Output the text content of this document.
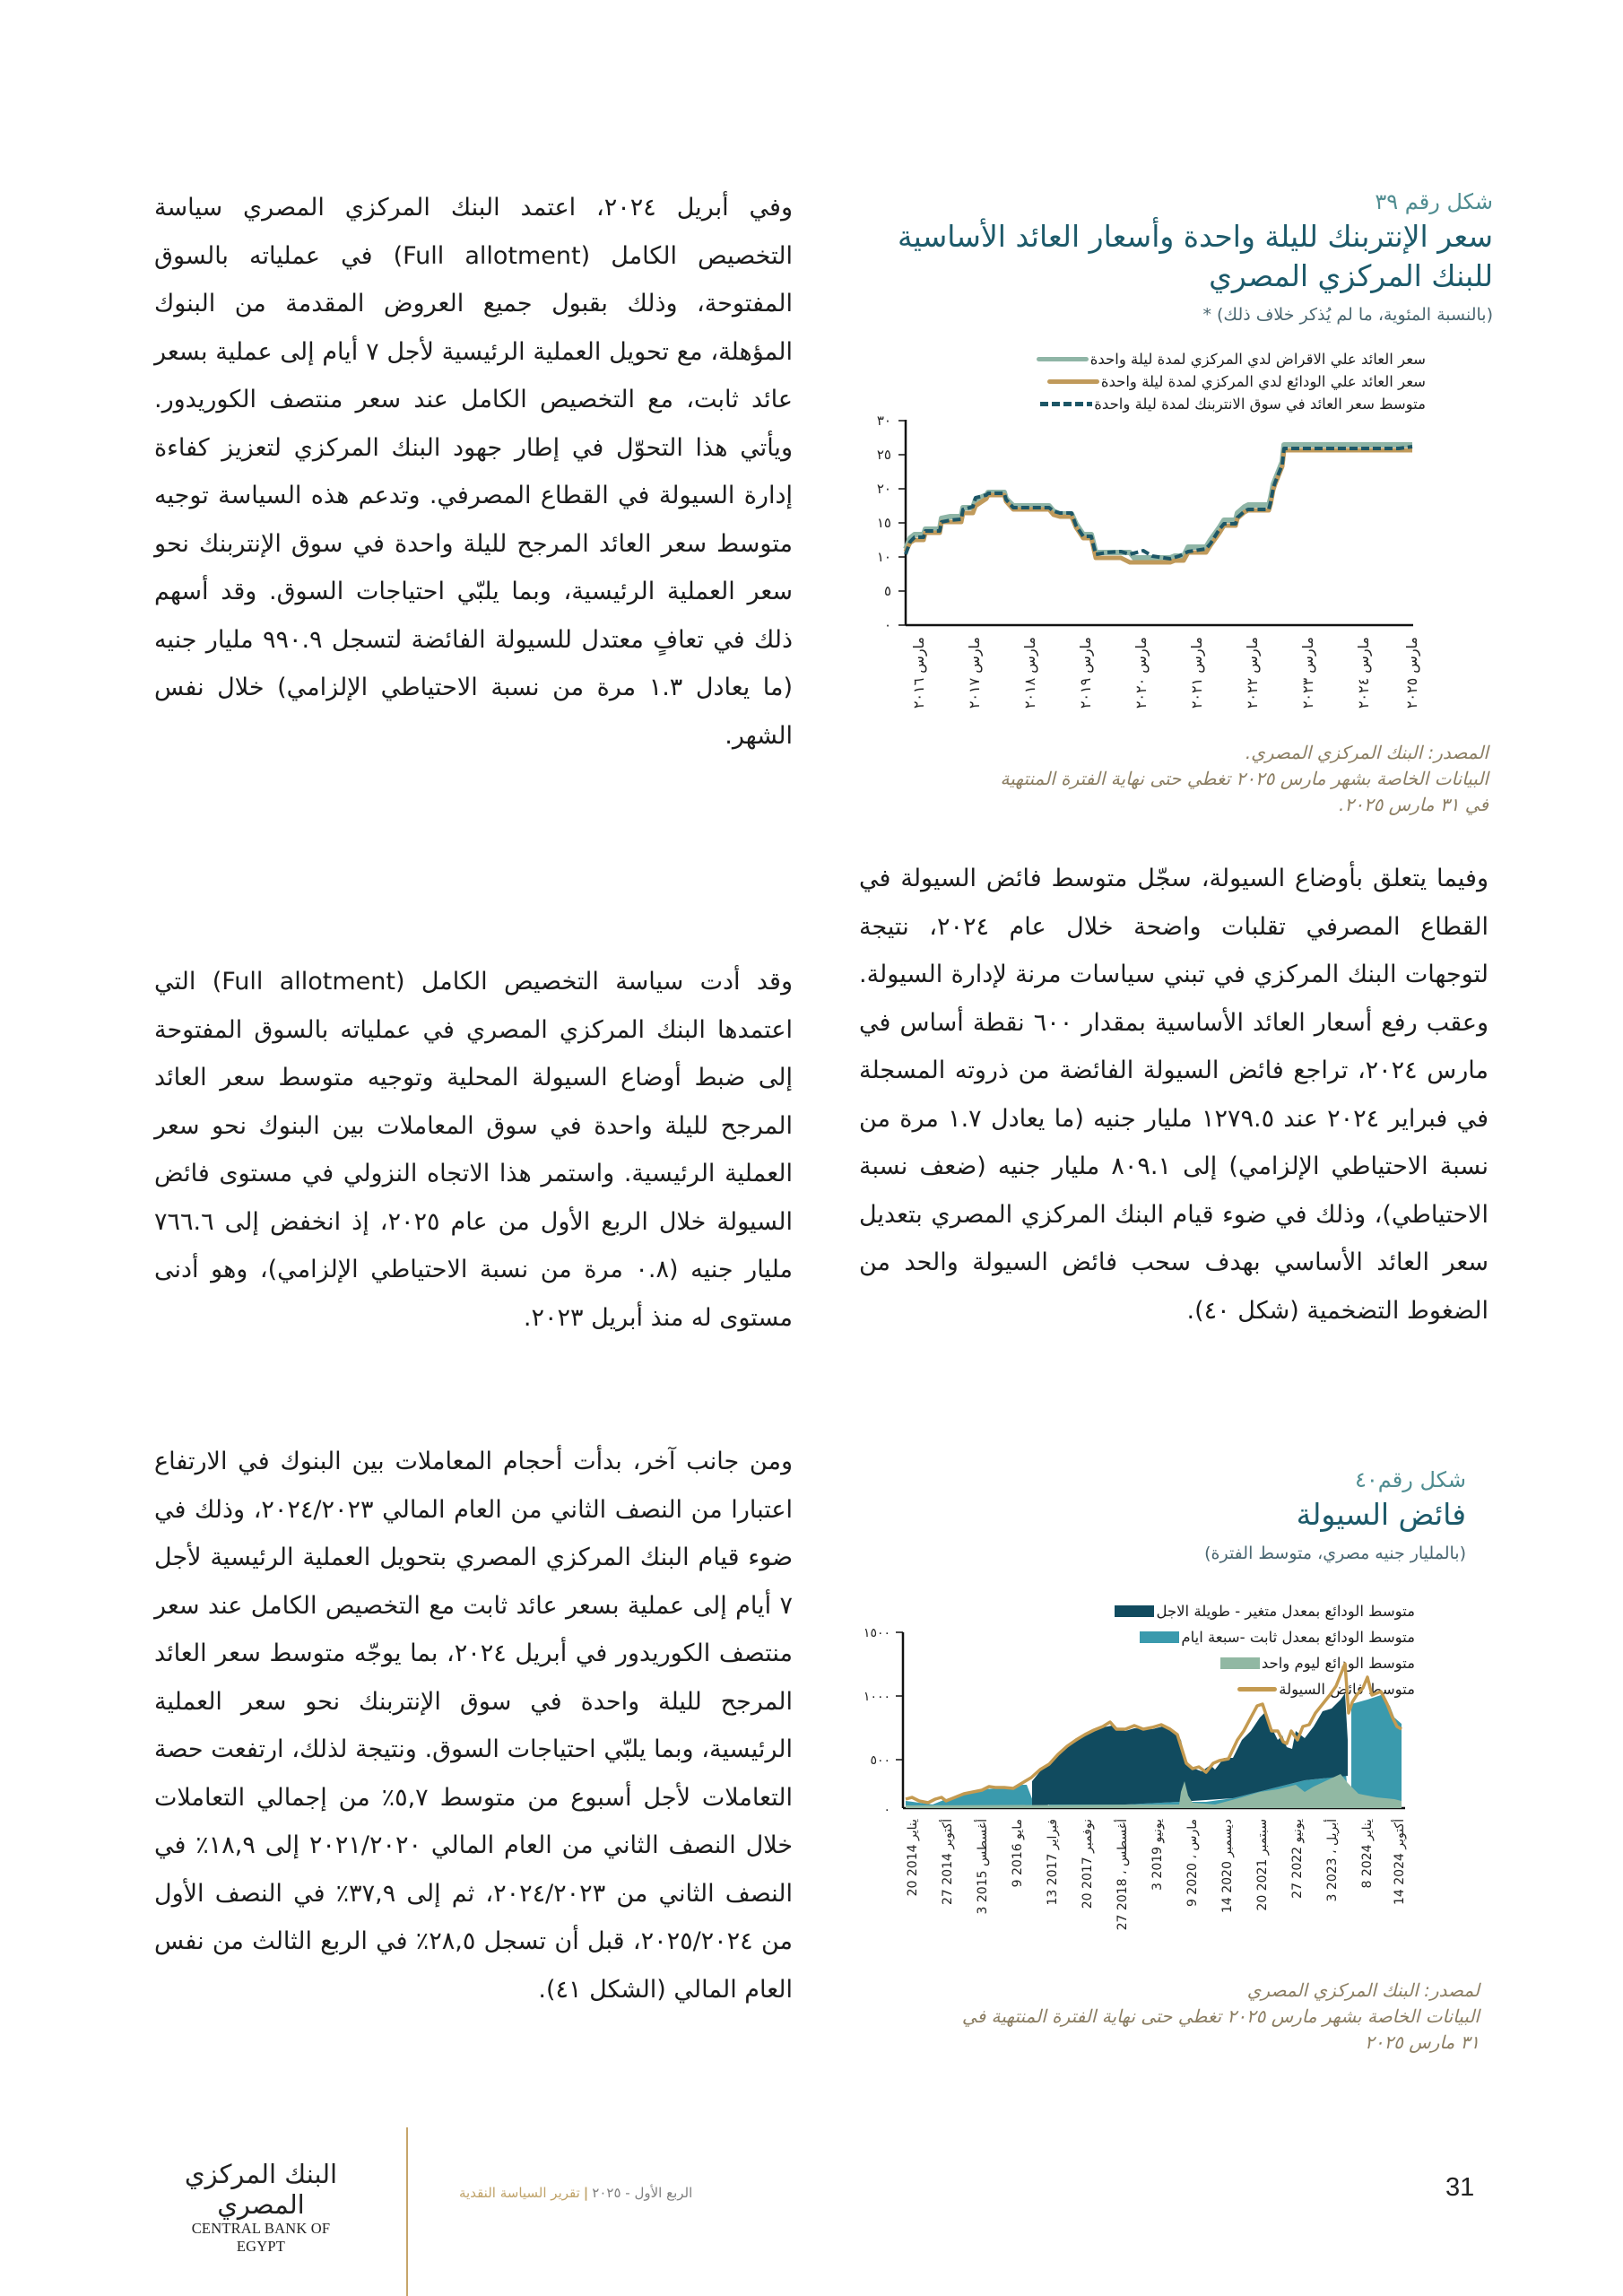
شكل رقم ٣٩
سعر الإنتربنك لليلة واحدة وأسعار العائد الأساسية
للبنك المركزي المصري
(بالنسبة المئوية، ما لم يُذكر خلاف ذلك) *
سعر العائد علي الاقراض لدي المركزي لمدة ليلة واحدة
سعر العائد علي الودائع لدي المركزي لمدة ليلة واحدة
متوسط سعر العائد في سوق الانتربنك لمدة ليلة واحدة
٠
٥
١٠
١٥
٢٠
٢٥
٣٠
مارس ٢٠١٦
مارس ٢٠١٧
مارس ٢٠١٨
مارس ٢٠١٩
مارس ٢٠٢٠
مارس ٢٠٢١
مارس ٢٠٢٢
مارس ٢٠٢٣
مارس ٢٠٢٤
مارس ٢٠٢٥
المصدر: البنك المركزي المصري.
البيانات الخاصة بشهر مارس ٢٠٢٥ تغطي حتى نهاية الفترة المنتهية
في ٣١ مارس ٢٠٢٥.
وفيما يتعلق بأوضاع السيولة، سجّل متوسط فائض السيولة في القطاع المصرفي تقلبات واضحة خلال عام ٢٠٢٤، نتيجة لتوجهات البنك المركزي في تبني سياسات مرنة لإدارة السيولة. وعقب رفع أسعار العائد الأساسية بمقدار ٦٠٠ نقطة أساس في مارس ٢٠٢٤، تراجع فائض السيولة الفائضة من ذروته المسجلة في فبراير ٢٠٢٤ عند ١٢٧٩.٥ مليار جنيه (ما يعادل ١.٧ مرة من نسبة الاحتياطي الإلزامي) إلى ٨٠٩.١ مليار جنيه (ضعف نسبة الاحتياطي)، وذلك في ضوء قيام البنك المركزي المصري بتعديل سعر العائد الأساسي بهدف سحب فائض السيولة والحد من الضغوط التضخمية (شكل ٤٠).
شكل رقم٤٠
فائض السيولة
(بالمليار جنيه مصري، متوسط الفترة)
متوسط الودائع بمعدل متغير - طويلة الاجل
متوسط الودائع بمعدل ثابت -سبعة ايام
متوسط الودائع ليوم واحد
متوسط فائض السيولة
٠
٥٠٠
١٠٠٠
١٥٠٠
20 يناير 2014
27 أكتوبر 2014
3 أغسطس 2015
9 مايو 2016
13 فبراير 2017
20 نوفمبر 2017
27 أغسطس ، 2018
3 يونيو 2019
9 مارس ، 2020
14 ديسمبر 2020
20 سبتمبر 2021
27 يونيو 2022
3 أبريل ، 2023
8 يناير 2024
14 أكتوبر 2024
لمصدر: البنك المركزي المصري
البيانات الخاصة بشهر مارس ٢٠٢٥ تغطي حتى نهاية الفترة المنتهية في
٣١ مارس ٢٠٢٥
وفي أبريل ٢٠٢٤، اعتمد البنك المركزي المصري سياسة التخصيص الكامل (Full allotment) في عملياته بالسوق المفتوحة، وذلك بقبول جميع العروض المقدمة من البنوك المؤهلة، مع تحويل العملية الرئيسية لأجل ٧ أيام إلى عملية بسعر عائد ثابت، مع التخصيص الكامل عند سعر منتصف الكوريدور. ويأتي هذا التحوّل في إطار جهود البنك المركزي لتعزيز كفاءة إدارة السيولة في القطاع المصرفي. وتدعم هذه السياسة توجيه متوسط سعر العائد المرجح لليلة واحدة في سوق الإنتربنك نحو سعر العملية الرئيسية، وبما يلبّي احتياجات السوق. وقد أسهم ذلك في تعافٍ معتدل للسيولة الفائضة لتسجل ٩٩٠.٩ مليار جنيه (ما يعادل ١.٣ مرة من نسبة الاحتياطي الإلزامي) خلال نفس الشهر.
وقد أدت سياسة التخصيص الكامل (Full allotment) التي اعتمدها البنك المركزي المصري في عملياته بالسوق المفتوحة إلى ضبط أوضاع السيولة المحلية وتوجيه متوسط سعر العائد المرجح لليلة واحدة في سوق المعاملات بين البنوك نحو سعر العملية الرئيسية. واستمر هذا الاتجاه النزولي في مستوى فائض السيولة خلال الربع الأول من عام ٢٠٢٥، إذ انخفض إلى ٧٦٦.٦ مليار جنيه (٠.٨ مرة من نسبة الاحتياطي الإلزامي)، وهو أدنى مستوى له منذ أبريل ٢٠٢٣.
ومن جانب آخر، بدأت أحجام المعاملات بين البنوك في الارتفاع اعتبارا من النصف الثاني من العام المالي ٢٠٢٤/٢٠٢٣، وذلك في ضوء قيام البنك المركزي المصري بتحويل العملية الرئيسية لأجل ٧ أيام إلى عملية بسعر عائد ثابت مع التخصيص الكامل عند سعر منتصف الكوريدور في أبريل ٢٠٢٤، بما يوجّه متوسط سعر العائد المرجح لليلة واحدة في سوق الإنتربنك نحو سعر العملية الرئيسية، وبما يلبّي احتياجات السوق. ونتيجة لذلك، ارتفعت حصة التعاملات لأجل أسبوع من متوسط ٥,٧٪ من إجمالي التعاملات خلال النصف الثاني من العام المالي ٢٠٢١/٢٠٢٠ إلى ١٨,٩٪ في النصف الثاني من ٢٠٢٤/٢٠٢٣، ثم إلى ٣٧,٩٪ في النصف الأول من ٢٠٢٥/٢٠٢٤، قبل أن تسجل ٢٨,٥٪ في الربع الثالث من نفس العام المالي (الشكل ٤١).
البنك المركزي المصري
CENTRAL BANK OF EGYPT
الربع الأول - ٢٠٢٥|تقرير السياسة النقدية	31
